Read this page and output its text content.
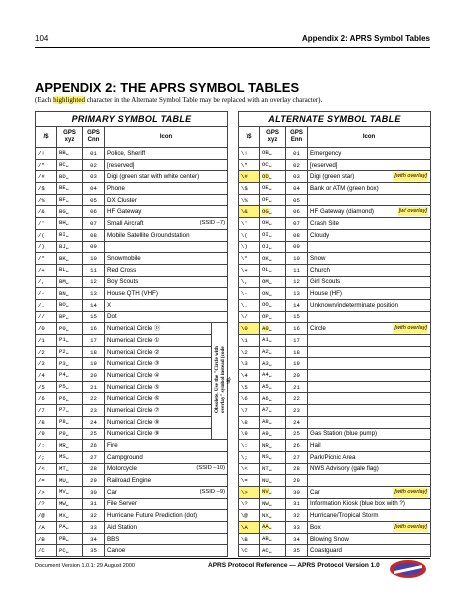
104	Appendix 2: APRS Symbol Tables
APPENDIX 2: THE APRS SYMBOL TABLES
(Each highlighted character in the Alternate Symbol Table may be replaced with an overlay character).
PRIMARY SYMBOL TABLE				
/$	GPS xyz	GPS Cnn	Icon	
/!	BB␣	01	Police, Sheriff	

/"	BC␣	02	[reserved]	

/#	BD␣	03	Digi (green star with white center)	

/$	BE␣	04	Phone	

/%	BF␣	05	DX Cluster	

/&	BG␣	06	HF Gateway	

/'	BH␣	07	Small Aircraft (SSID –7)	

/(	BI␣	08	Mobile Satellite Groundstation	

/)	BJ␣	09		

/*	BK␣	10	Snowmobile	

/+	BL␣	11	Red Cross	

/,	BM␣	12	Boy Scouts	

/-	BN␣	13	House QTH (VHF)	

/.	BO␣	14	X	

//	BP␣	15	Dot	

/0	P0␣	16	Numerical Circle ⓪	Obsolete. Use the "Circle with overlay" symbol instead (code \0).
/1	P1␣	17	Numerical Circle ①	

/2	P2␣	18	Numerical Circle ②	

/3	P3␣	19	Numerical Circle ③	

/4	P4␣	20	Numerical Circle ④	

/5	P5␣	21	Numerical Circle ⑤	

/6	P6␣	22	Numerical Circle ⑥	

/7	P7␣	23	Numerical Circle ⑦	

/8	P8␣	24	Numerical Circle ⑧	

/9	P9␣	25	Numerical Circle ⑨	

/:	MR␣	26	Fire	

/;	MS␣	27	Campground	

/<	MT␣	28	Motorcycle (SSID –10)	

/=	MU␣	29	Railroad Engine	

/>	MV␣	30	Car (SSID –9)	

/?	MW␣	31	File Server	

/@	MX␣	32	Hurricane Future Prediction (dot)	

/A	PA␣	33	Aid Station	

/B	PB␣	34	BBS	

/C	PC␣	35	Canoe	
ALTERNATE SYMBOL TABLE			
\$	GPS xyz	GPS Enn	Icon
\!	OB␣	01	Emergency
\"	OC␣	02	[reserved]
\#	OD␣	03	Digi (green star) [with overlay]

\$	OE␣	04	Bank or ATM (green box)
\%	OF␣	05	
\&	OG␣	06	HF Gateway (diamond) [w/ overlay]

\'	OH␣	07	Crash Site
\(	OI␣	08	Cloudy
\)	OJ␣	09	
\*	OK␣	10	Snow
\+	OL␣	11	Church
\,	OM␣	12	Girl Scouts
\-	ON␣	13	House (HF)
\.	OO␣	14	Unknown/indeterminate position
\/	OP␣	15	
\0	A0␣	16	Circle [with overlay]

\1	A1␣	17	
\2	A2␣	18	
\3	A3␣	19	
\4	A4␣	20	
\5	A5␣	21	
\6	A6␣	22	
\7	A7␣	23	
\8	A8␣	24	
\9	A9␣	25	Gas Station (blue pump)
\:	NR␣	26	Hail
\;	NS␣	27	Park/Picnic Area
\<	NT␣	28	NWS Advisory (gale flag)
\=	NU␣	29	
\>	NV␣	30	Car [with overlay]

\?	NW␣	31	Information Kiosk (blue box with ?)
\@	NX␣	32	Hurricane/Tropical Storm
\A	AA␣	33	Box [with overlay]

\B	AB␣	34	Blowing Snow
\C	AC␣	35	Coastguard
Document Version 1.0.1: 29 August 2000	APRS Protocol Reference — APRS Protocol Version 1.0
